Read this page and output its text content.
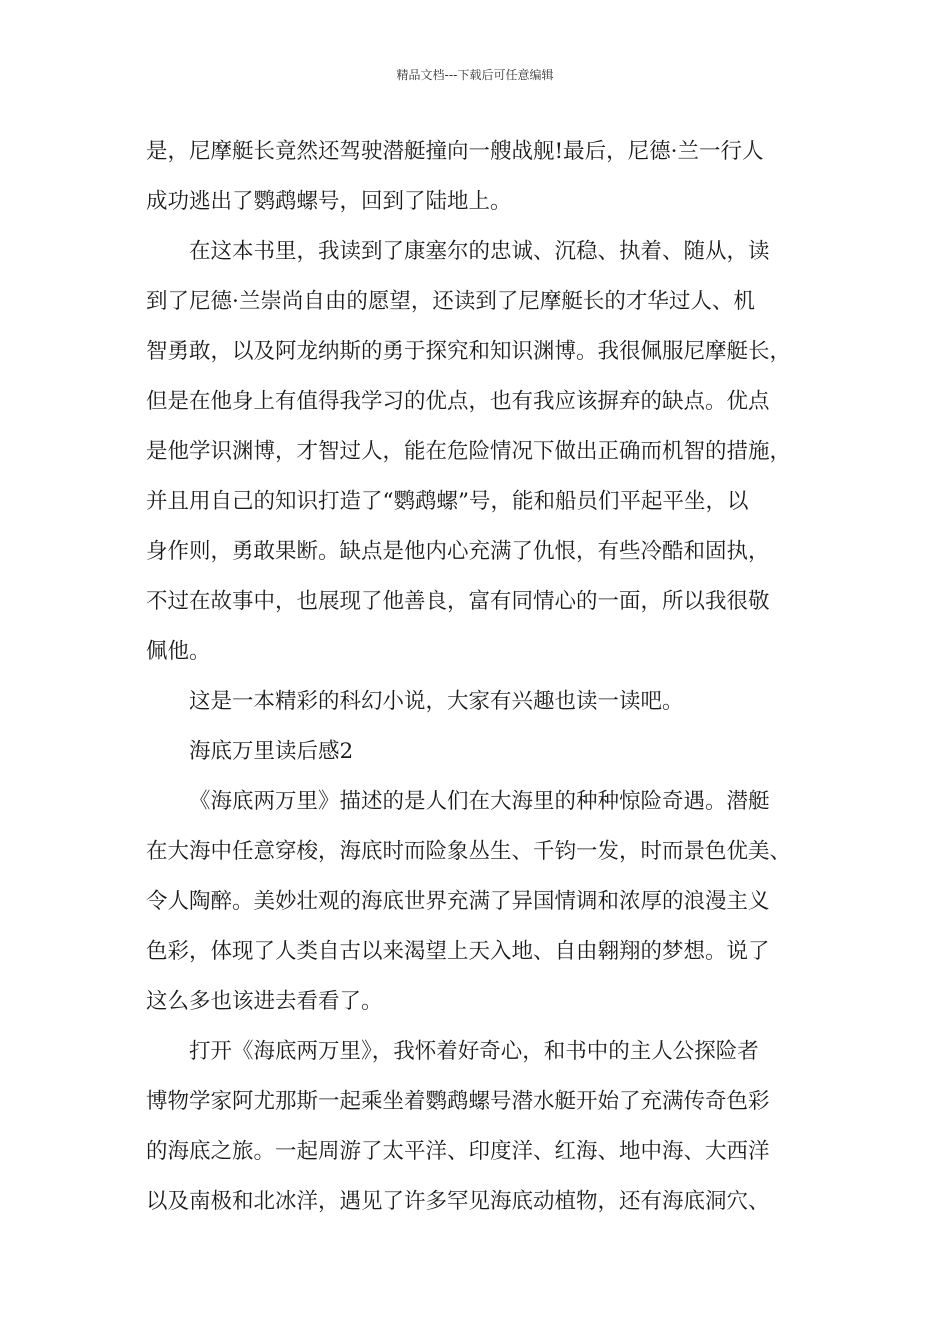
精品文档---下载后可任意编辑
是，尼摩艇长竟然还驾驶潜艇撞向一艘战舰!最后，尼德·兰一行人
成功逃出了鹦鹉螺号，回到了陆地上。
在这本书里，我读到了康塞尔的忠诚、沉稳、执着、随从，读
到了尼德·兰崇尚自由的愿望，还读到了尼摩艇长的才华过人、机
智勇敢，以及阿龙纳斯的勇于探究和知识渊博。我很佩服尼摩艇长，
但是在他身上有值得我学习的优点，也有我应该摒弃的缺点。优点
是他学识渊博，才智过人，能在危险情况下做出正确而机智的措施，
并且用自己的知识打造了“鹦鹉螺”号，能和船员们平起平坐，以
身作则，勇敢果断。缺点是他内心充满了仇恨，有些冷酷和固执，
不过在故事中，也展现了他善良，富有同情心的一面，所以我很敬
佩他。
这是一本精彩的科幻小说，大家有兴趣也读一读吧。
海底万里读后感2
《海底两万里》描述的是人们在大海里的种种惊险奇遇。潜艇
在大海中任意穿梭，海底时而险象丛生、千钧一发，时而景色优美、
令人陶醉。美妙壮观的海底世界充满了异国情调和浓厚的浪漫主义
色彩，体现了人类自古以来渴望上天入地、自由翱翔的梦想。说了
这么多也该进去看看了。
打开《海底两万里》，我怀着好奇心，和书中的主人公探险者
博物学家阿尤那斯一起乘坐着鹦鹉螺号潜水艇开始了充满传奇色彩
的海底之旅。一起周游了太平洋、印度洋、红海、地中海、大西洋
以及南极和北冰洋，遇见了许多罕见海底动植物，还有海底洞穴、
